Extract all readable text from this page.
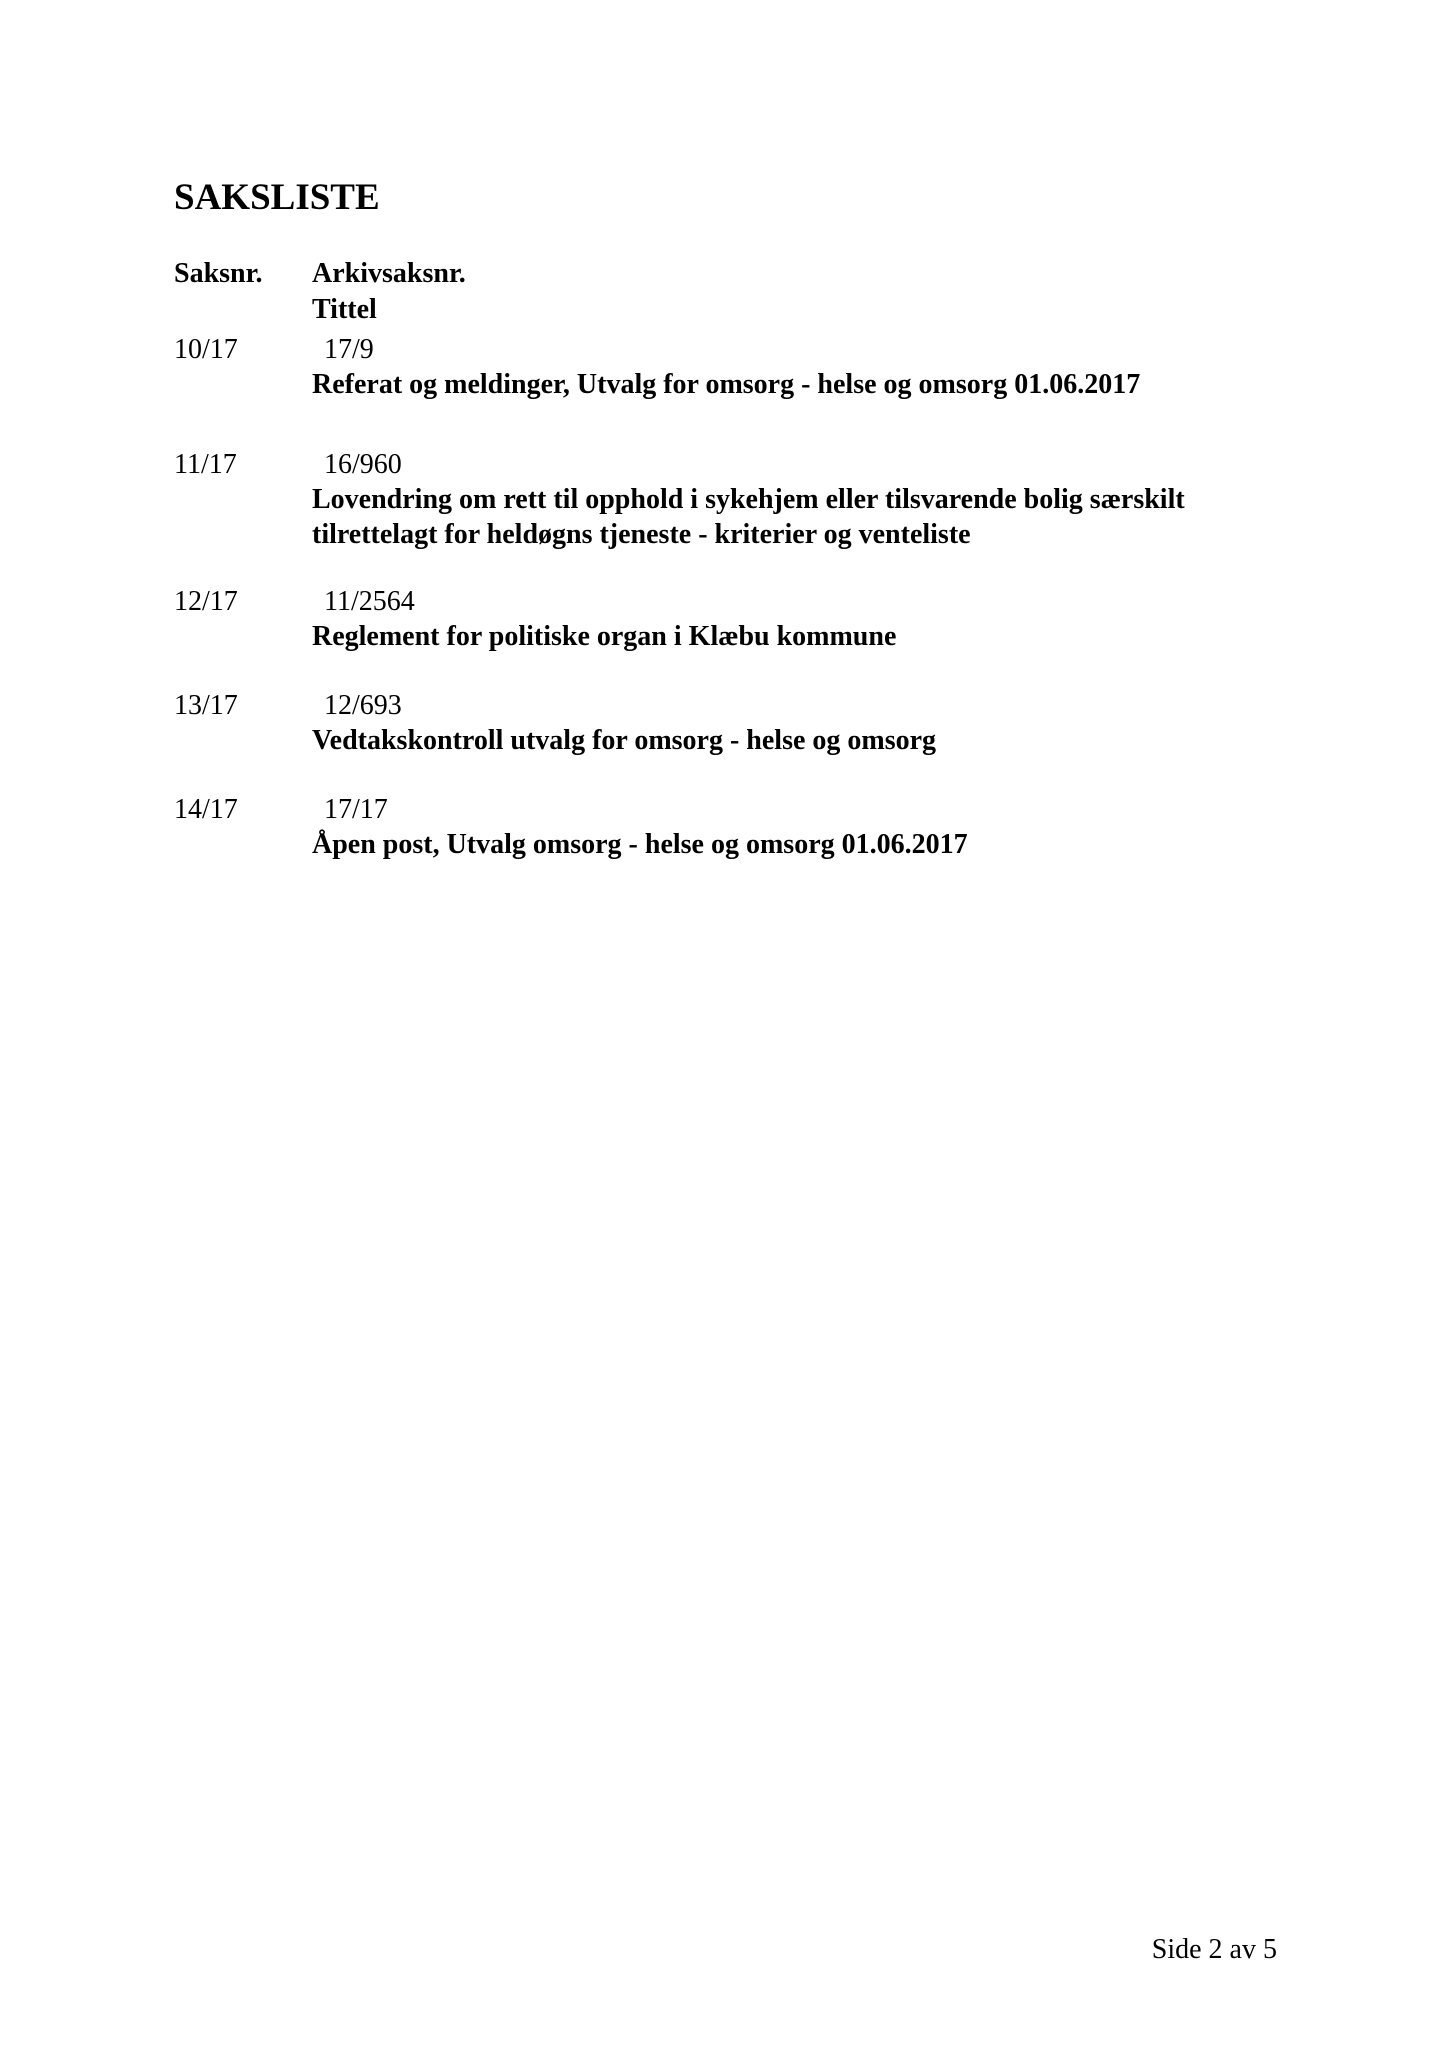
SAKSLISTE
Saksnr. Arkivsaksnr.
Tittel
10/17	17/9
Referat og meldinger, Utvalg for omsorg - helse og omsorg 01.06.2017
11/17	16/960
Lovendring om rett til opphold i sykehjem eller tilsvarende bolig særskilt
tilrettelagt for heldøgns tjeneste - kriterier og venteliste
12/17	11/2564
Reglement for politiske organ i Klæbu kommune
13/17	12/693
Vedtakskontroll utvalg for omsorg - helse og omsorg
14/17	17/17
Åpen post, Utvalg omsorg - helse og omsorg 01.06.2017
Side 2 av 5
